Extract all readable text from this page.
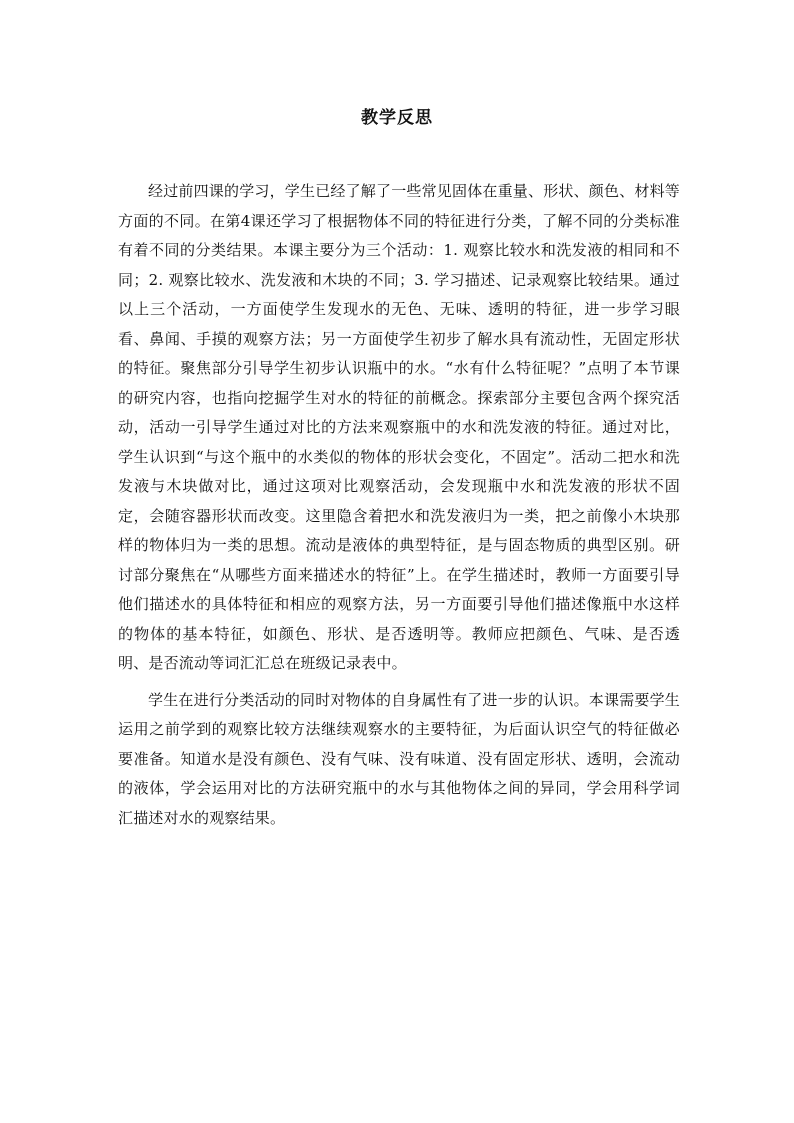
教学反思

经过前四课的学习，学生已经了解了一些常见固体在重量、形状、颜色、材料等方面的不同。在第4课还学习了根据物体不同的特征进行分类，了解不同的分类标准有着不同的分类结果。本课主要分为三个活动：1. 观察比较水和洗发液的相同和不同；2. 观察比较水、洗发液和木块的不同；3. 学习描述、记录观察比较结果。通过以上三个活动，一方面使学生发现水的无色、无味、透明的特征，进一步学习眼看、鼻闻、手摸的观察方法；另一方面使学生初步了解水具有流动性，无固定形状的特征。聚焦部分引导学生初步认识瓶中的水。“水有什么特征呢？”点明了本节课的研究内容，也指向挖掘学生对水的特征的前概念。探索部分主要包含两个探究活动，活动一引导学生通过对比的方法来观察瓶中的水和洗发液的特征。通过对比，学生认识到“与这个瓶中的水类似的物体的形状会变化，不固定”。活动二把水和洗发液与木块做对比，通过这项对比观察活动，会发现瓶中水和洗发液的形状不固定，会随容器形状而改变。这里隐含着把水和洗发液归为一类，把之前像小木块那样的物体归为一类的思想。流动是液体的典型特征，是与固态物质的典型区别。研讨部分聚焦在“从哪些方面来描述水的特征”上。在学生描述时，教师一方面要引导他们描述水的具体特征和相应的观察方法，另一方面要引导他们描述像瓶中水这样的物体的基本特征，如颜色、形状、是否透明等。教师应把颜色、气味、是否透明、是否流动等词汇汇总在班级记录表中。

学生在进行分类活动的同时对物体的自身属性有了进一步的认识。本课需要学生运用之前学到的观察比较方法继续观察水的主要特征，为后面认识空气的特征做必要准备。知道水是没有颜色、没有气味、没有味道、没有固定形状、透明，会流动的液体，学会运用对比的方法研究瓶中的水与其他物体之间的异同，学会用科学词汇描述对水的观察结果。
